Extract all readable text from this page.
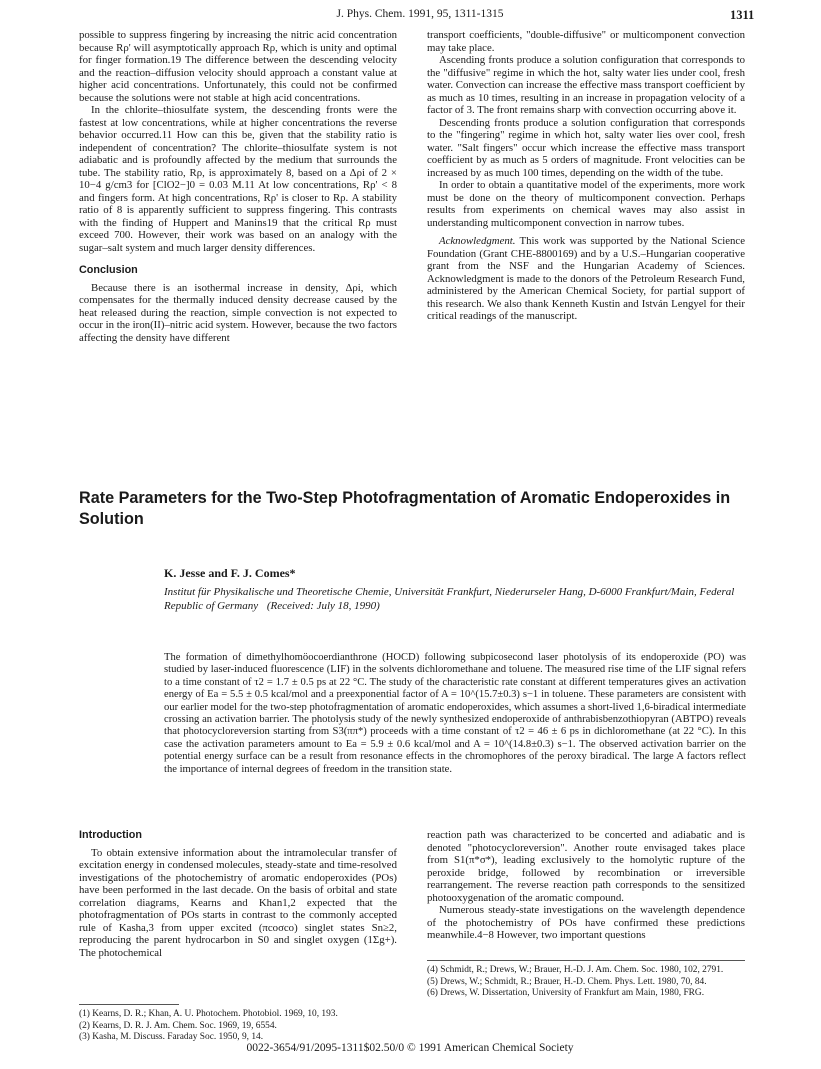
J. Phys. Chem. 1991, 95, 1311-1315	1311

possible to suppress fingering by increasing the nitric acid concentration because Rρ' will asymptotically approach Rρ, which is unity and optimal for finger formation.19 The difference between the descending velocity and the reaction–diffusion velocity should approach a constant value at higher acid concentrations. Unfortunately, this could not be confirmed because the solutions were not stable at high acid concentrations.

In the chlorite–thiosulfate system, the descending fronts were the fastest at low concentrations, while at higher concentrations the reverse behavior occurred.11 How can this be, given that the stability ratio is independent of concentration? The chlorite–thiosulfate system is not adiabatic and is profoundly affected by the medium that surrounds the tube. The stability ratio, Rρ, is approximately 8, based on a Δρi of 2 × 10−4 g/cm3 for [ClO2−]0 = 0.03 M.11 At low concentrations, Rρ' < 8 and fingers form. At high concentrations, Rρ' is closer to Rρ. A stability ratio of 8 is apparently sufficient to suppress fingering. This contrasts with the finding of Huppert and Manins19 that the critical Rρ must exceed 700. However, their work was based on an analogy with the sugar–salt system and much larger density differences.

Conclusion

Because there is an isothermal increase in density, Δρi, which compensates for the thermally induced density decrease caused by the heat released during the reaction, simple convection is not expected to occur in the iron(II)–nitric acid system. However, because the two factors affecting the density have different

transport coefficients, "double-diffusive" or multicomponent convection may take place.

Ascending fronts produce a solution configuration that corresponds to the "diffusive" regime in which the hot, salty water lies under cool, fresh water. Convection can increase the effective mass transport coefficient by as much as 10 times, resulting in an increase in propagation velocity of a factor of 3. The front remains sharp with convection occurring above it.

Descending fronts produce a solution configuration that corresponds to the "fingering" regime in which hot, salty water lies over cool, fresh water. "Salt fingers" occur which increase the effective mass transport coefficient by as much as 5 orders of magnitude. Front velocities can be increased by as much 100 times, depending on the width of the tube.

In order to obtain a quantitative model of the experiments, more work must be done on the theory of multicomponent convection. Perhaps results from experiments on chemical waves may also assist in understanding multicomponent convection in narrow tubes.

Acknowledgment. This work was supported by the National Science Foundation (Grant CHE-8800169) and by a U.S.–Hungarian cooperative grant from the NSF and the Hungarian Academy of Sciences. Acknowledgment is made to the donors of the Petroleum Research Fund, administered by the American Chemical Society, for partial support of this research. We also thank Kenneth Kustin and István Lengyel for their critical readings of the manuscript.

Rate Parameters for the Two-Step Photofragmentation of Aromatic Endoperoxides in Solution
K. Jesse and F. J. Comes*
Institut für Physikalische und Theoretische Chemie, Universität Frankfurt, Niederurseler Hang, D-6000 Frankfurt/Main, Federal Republic of Germany (Received: July 18, 1990)
The formation of dimethylhomöocoerdianthrone (HOCD) following subpicosecond laser photolysis of its endoperoxide (PO) was studied by laser-induced fluorescence (LIF) in the solvents dichloromethane and toluene. The measured rise time of the LIF signal refers to a time constant of τ2 = 1.7 ± 0.5 ps at 22 °C. The study of the characteristic rate constant at different temperatures gives an activation energy of Ea = 5.5 ± 0.5 kcal/mol and a preexponential factor of A = 10^(15.7±0.3) s−1 in toluene. These parameters are consistent with our earlier model for the two-step photofragmentation of aromatic endoperoxides, which assumes a short-lived 1,6-biradical intermediate crossing an activation barrier. The photolysis study of the newly synthesized endoperoxide of anthrabisbenzothiopyran (ABTPO) reveals that photocycloreversion starting from S3(ππ*) proceeds with a time constant of τ2 = 46 ± 6 ps in dichloromethane (at 22 °C). In this case the activation parameters amount to Ea = 5.9 ± 0.6 kcal/mol and A = 10^(14.8±0.3) s−1. The observed activation barrier on the potential energy surface can be a result from resonance effects in the chromophores of the peroxy biradical. The large A factors reflect the importance of internal degrees of freedom in the transition state.
Introduction

To obtain extensive information about the intramolecular transfer of excitation energy in condensed molecules, steady-state and time-resolved investigations of the photochemistry of aromatic endoperoxides (POs) have been performed in the last decade. On the basis of orbital and state correlation diagrams, Kearns and Khan1,2 expected that the photofragmentation of POs starts in contrast to the commonly accepted rule of Kasha,3 from upper excited (πcoσco) singlet states Sn≥2, reproducing the parent hydrocarbon in S0 and singlet oxygen (1Σg+). The photochemical

reaction path was characterized to be concerted and adiabatic and is denoted "photocycloreversion". Another route envisaged takes place from S1(π*σ*), leading exclusively to the homolytic rupture of the peroxide bridge, followed by recombination or irreversible rearrangement. The reverse reaction path corresponds to the sensitized photooxygenation of the aromatic compound.

Numerous steady-state investigations on the wavelength dependence of the photochemistry of POs have confirmed these predictions meanwhile.4−8 However, two important questions

(4) Schmidt, R.; Drews, W.; Brauer, H.-D. J. Am. Chem. Soc. 1980, 102, 2791.
(5) Drews, W.; Schmidt, R.; Brauer, H.-D. Chem. Phys. Lett. 1980, 70, 84.
(6) Drews, W. Dissertation, University of Frankfurt am Main, 1980, FRG.
(1) Kearns, D. R.; Khan, A. U. Photochem. Photobiol. 1969, 10, 193.
(2) Kearns, D. R. J. Am. Chem. Soc. 1969, 19, 6554.
(3) Kasha, M. Discuss. Faraday Soc. 1950, 9, 14.
0022-3654/91/2095-1311$02.50/0 © 1991 American Chemical Society
